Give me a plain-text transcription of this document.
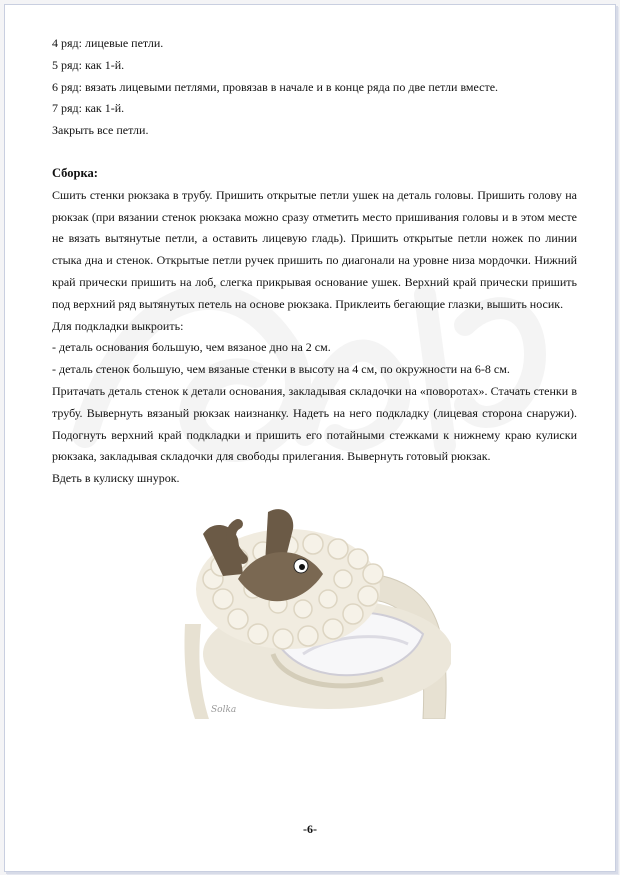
4 ряд: лицевые петли.
5 ряд: как 1-й.
6 ряд: вязать лицевыми петлями, провязав в начале и в конце ряда по две петли вместе.
7 ряд: как 1-й.
Закрыть все петли.
Сборка:

Сшить стенки рюкзака в трубу. Пришить открытые петли ушек на деталь головы. Пришить голову на рюкзак (при вязании стенок рюкзака можно сразу отметить место пришивания головы и в этом месте не вязать вытянутые петли, а оставить лицевую гладь). Пришить открытые петли ножек по линии стыка дна и стенок. Открытые петли ручек пришить по диагонали на уровне низа мордочки. Нижний край прически пришить на лоб, слегка прикрывая основание ушек. Верхний край прически пришить под верхний ряд вытянутых петель на основе рюкзака. Приклеить бегающие глазки, вышить носик.

Для подкладки выкроить:
- деталь основания большую, чем вязаное дно на 2 см.
- деталь стенок большую, чем вязаные стенки в высоту на 4 см, по окружности на 6-8 см.

Притачать деталь стенок к детали основания, закладывая складочки на «поворотах». Стачать стенки в трубу. Вывернуть вязаный рюкзак наизнанку. Надеть на него подкладку (лицевая сторона снаружи). Подогнуть верхний край подкладки и пришить его потайными стежками к нижнему краю кулиски рюкзака, закладывая складочки для свободы прилегания. Вывернуть готовый рюкзак.

Вдеть в кулиску шнурок.
Solka
-6-
